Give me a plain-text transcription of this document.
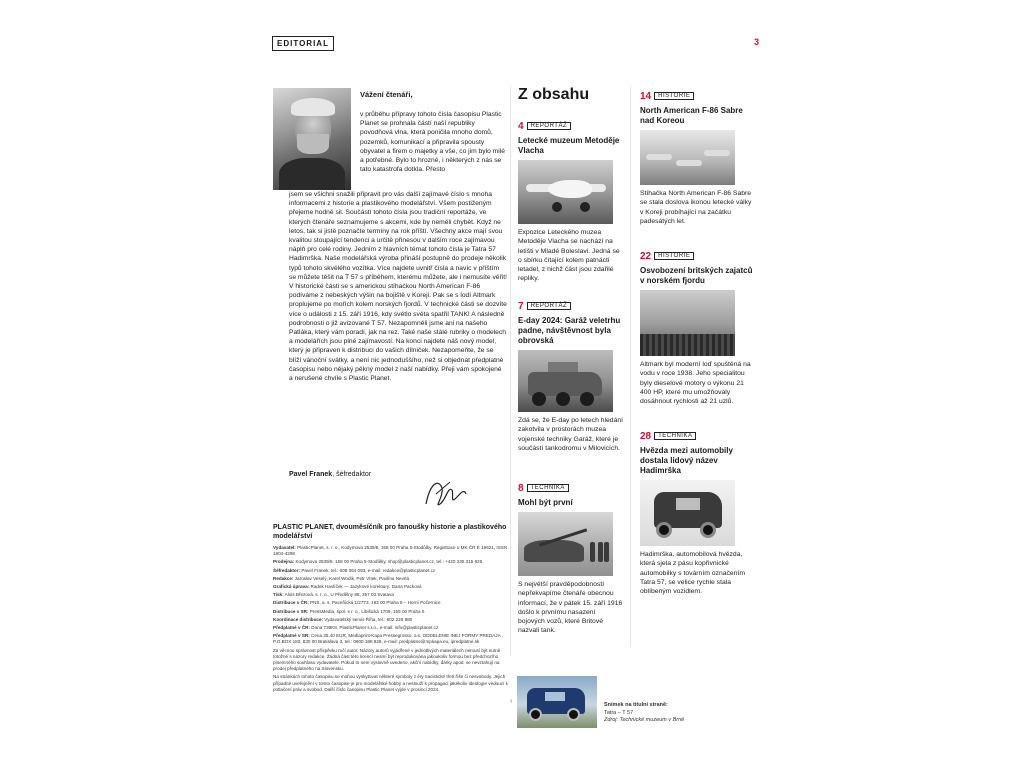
EDITORIAL	3
Vážení čtenáři,
v průběhu přípravy tohoto čísla časopisu Plastic Planet se prohnala částí naší republiky povodňová vlna, která poničila mnoho domů, pozemků, komunikací a připravila spousty obyvatel a firem o majetky a vše, co jim bylo milé a potřebné. Bylo to hrozné, i některých z nás se tato katastrofa dotkla. Přesto
jsem se všichni snažili připravit pro vás další zajímavé číslo s mnoha informacemi z historie a plastikového modelářství. Všem postiženým přejeme hodně sil. Součástí tohoto čísla jsou tradiční reportáže, ve kterých čtenáře seznamujeme s akcemi, kde by neměli chybět. Když ne letos, tak si jistě poznačte termíny na rok příští. Všechny akce mají svou kvalitou stoupající tendenci a určitě přinesou v dalším roce zajímavou náplň pro celé rodiny. Jedním z hlavních témat tohoto čísla je Tatra 57 Hadimrška. Naše modelářská výroba přináší postupně do prodeje několik typů tohoto skvělého vozítka. Více najdete uvnitř čísla a navíc v příštím se můžete těšit na T 57 s příběhem, kterému můžete, ale i nemusíte věřit! V historické části se s americkou stíhačkou North American F-86 podíváme z nebeských výšin na bojiště v Koreji. Pak se s lodí Altmark proplujeme po mořích kolem norských fjordů. V technické části se dozvíte více o události z 15. září 1916, kdy světlo světa spatřil TANK! A následně podrobnosti o již avizované T 57. Nezapomněli jsme ani na našeho Patláka, který vám poradí, jak na rez. Také naše stálé rubriky o modelech a modelářích jsou plné zajímavostí. Na konci najdete náš nový model, který je připraven k distribuci do vašich dílniček. Nezapomeňte, že se blíží vánoční svátky, a není nic jednoduššího, než si objednat předplatné časopisu nebo nějaký pěkný model z naší nabídky. Přeji vám spokojené a nerušené chvíle s Plastic Planet.
Pavel Franek, šéfredaktor
PLASTIC PLANET, dvouměsíčník pro fanoušky historie a plastikového modelářství

Vydavatel: PlasticPlanet, s. r. o., Kodymova 2539/8, 158 00 Praha 5-Stodůlky. Registrace u MK ČR E 19621, ISSN 1804-4298

Prodejna: Kodymova 2539/8, 158 00 Praha 5-Stodůlky, shop@plasticplanet.cz, tel.: +420 235 315 925

Šéfredaktor: Pavel Franek, tel.: 608 064 093, e-mail: redakce@plasticplanet.cz

Redakce: Jaroslav Veselý, Karel Wodik, Petr Vítek, Pavlína Nevrlá

Grafická úprava: Radek Havlíček — Jazykové korektury: Dana Packová

Tisk: Alois Březová, s. r. o., U Předělny 88, 357 03 Svatava

Distribuce v ČR: PNS, a. s, Paceňická 1/2773, 193 00 Praha 9 – Horní Počernice

Distribuce v SR: PressMedia, spol. s r. o., Libišická 1709, 155 00 Praha 5

Koordinace distribuce: Vydavatelský servis Říha, tel.: 602 228 880

Předplatné v ČR: Dona 738K8, PlasticPlanet s.r.o., e-mail: info@plasticplanet.cz

Předplatné v SR: Cena 35.40 EUR, Mediaprint-Kapa Pressegrosso, a.s. ODDELENIE INEJ FORMY PREDAJA , P.O.BOX 183, 830 00 Bratislava 3, tel.: 0800 188 826, e-mail: predplatne@mpkapa.eu, ipredplatne.sk

Za věcnou správnost příspěvku ručí autor. Názory autorů vyjádřené v jednotlivých materiálech nemusí být nutně totožné s názory redakce. Žádná část této licencí nesmí být reprodukována jakoukoliv formou bez předchozího písemného souhlasu vydavatele. Pokud to není výslovně uvedeno, akční nabídky, dárky apod. se nevztahují na prodej předplatného na Slovensku.

Na stránkách tohoto časopisu se mohou vyskytovat některé symboly z éry nacistické třetí říše či nesvobody. Jejich případné uveřejnění v tomto časopise je pro modelářské hobby a neslouží k propagaci jakékoliv ideologie vedoucí k potlačení práv a svobod. Další číslo časopisu Plastic Planet vyjde v prosinci 2024.

Z obsahu
4 REPORTÁŽ
Letecké muzeum Metoděje Vlacha
Expozice Leteckého muzea Metoděje Vlacha se nachází na letišti v Mladé Boleslavi. Jedná se o sbírku čítající kolem patnácti letadel, z nichž část jsou zdařilé repliky.
7 REPORTÁŽ
E-day 2024: Garáž veletrhu padne, návštěvnost byla obrovská
Zdá se, že E-day po letech hledání zakotvila v prostorách muzea vojenské techniky Garáž, které je součástí tankodromu v Milovicích.
8 TECHNIKA
Mohl být první
S největší pravděpodobností nepřekvapíme čtenáře obecnou informací, že v pátek 15. září 1916 došlo k prvnímu nasazení bojových vozů, které Britové nazvali tank.
14 HISTORIE
North American F-86 Sabre nad Koreou
Stíhačka North American F-86 Sabre se stala doslova ikonou letecké války v Koreji probíhající na začátku padesátých let.
22 HISTORIE
Osvobození britských zajatců v norském fjordu
Altmark byl moderní loď spuštěná na vodu v roce 1938. Jeho specialitou byly dieselové motory o výkonu 21 400 HP, které mu umožňovaly dosáhnout rychlosti až 21 uzlů.
28 TECHNIKA
Hvězda mezi automobily dostala lidový název Hadimrška
Hadimrška, automobilová hvězda, která sjela z pásu kopřivnické automobilky s továrním označením Tatra 57, se velice rychle stala oblíbeným vozidlem.
‹	Snímek na titulní straně:
Tatra – T 57
Zdroj: Technické muzeum v Brně
